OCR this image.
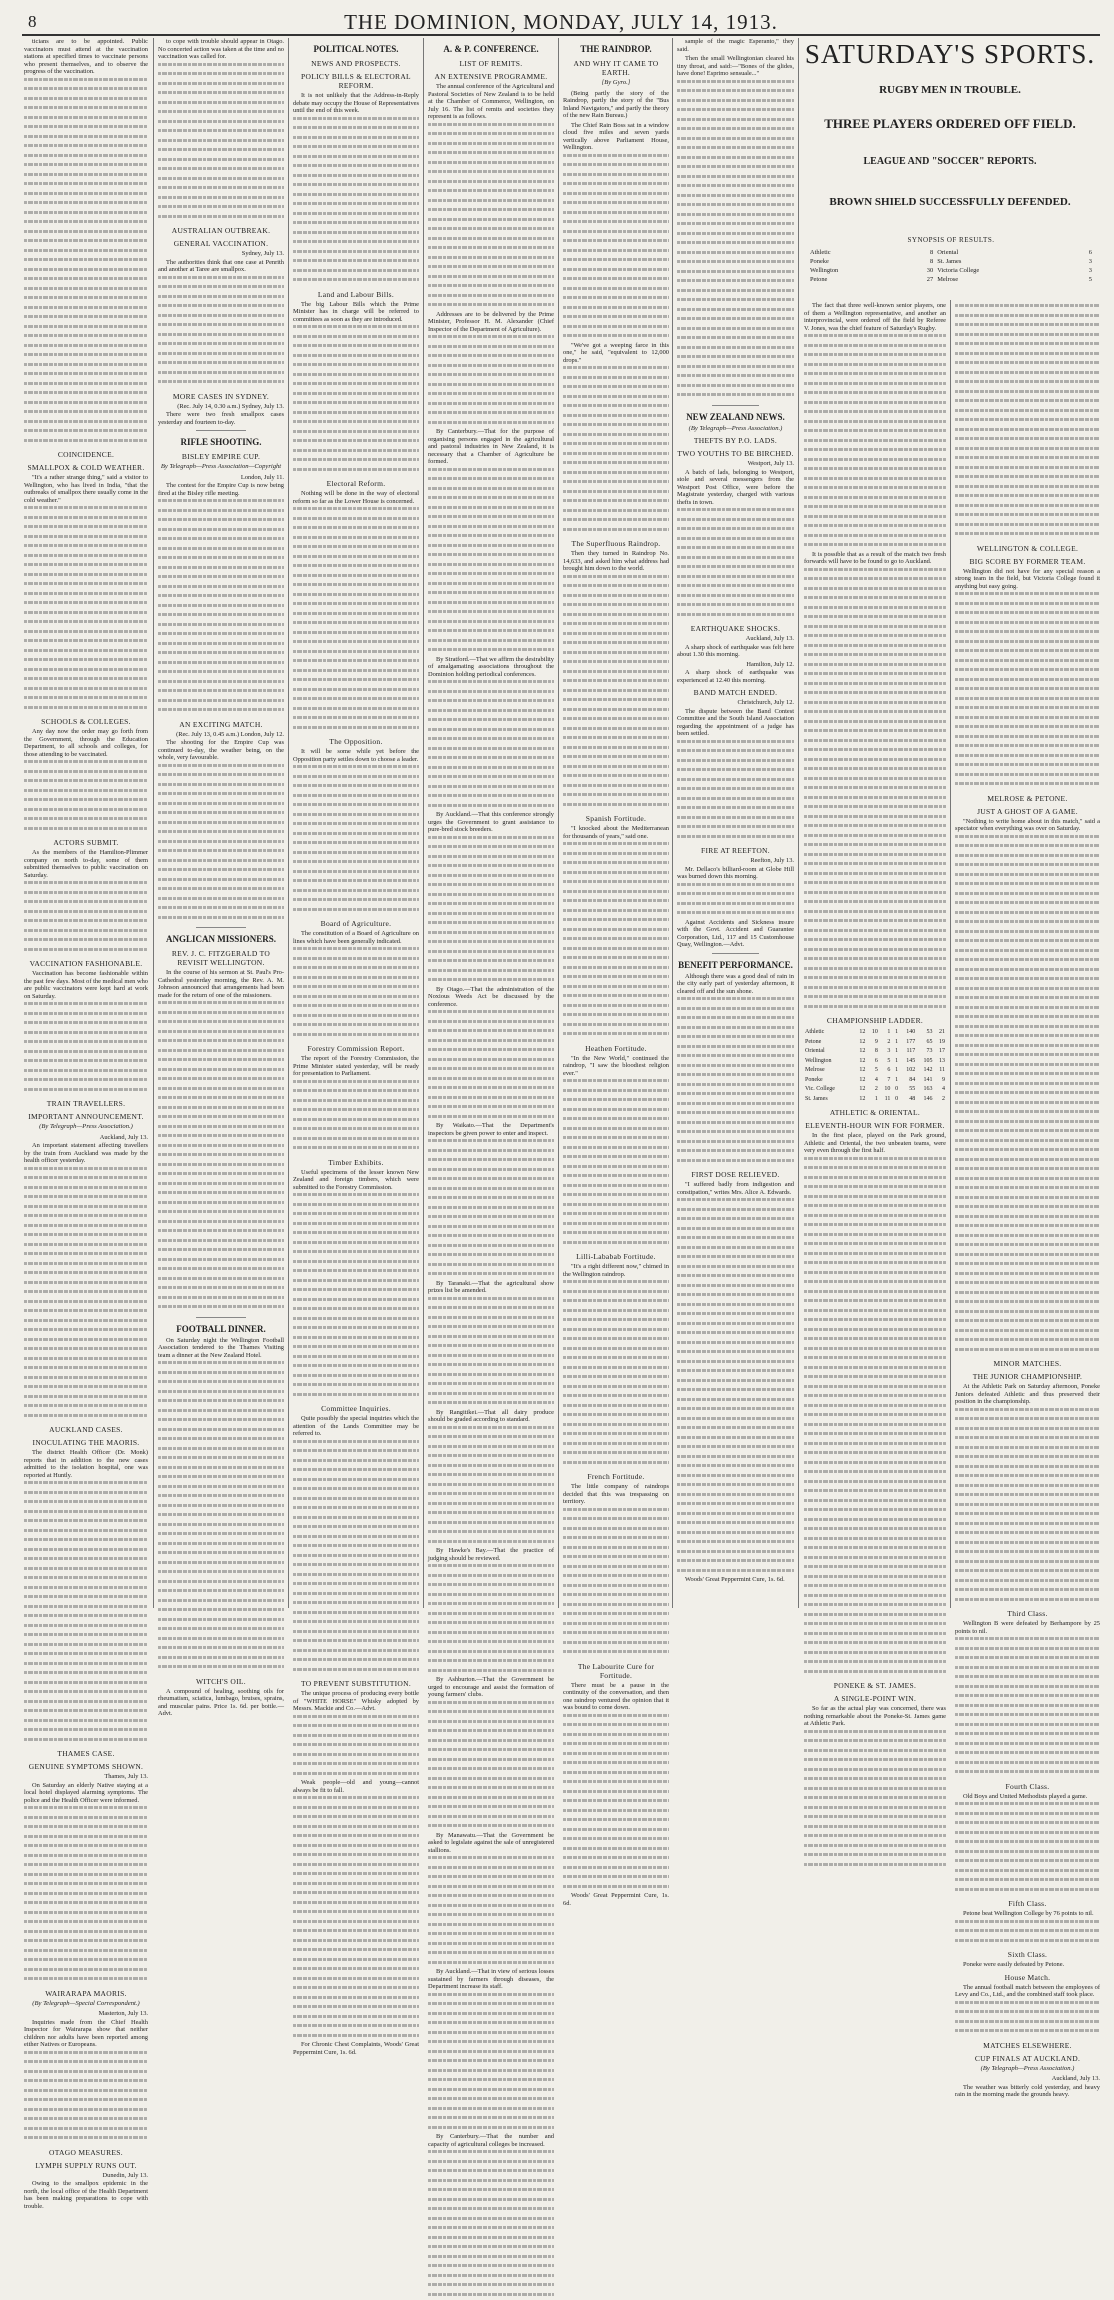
8	THE DOMINION, MONDAY, JULY 14, 1913.

ticians are to be appointed. Public vaccinators must attend at the vaccination stations at specified times to vaccinate persons who present themselves, and to observe the progress of the vaccination.

COINCIDENCE.
SMALLPOX & COLD WEATHER.

"It's a rather strange thing," said a visitor to Wellington, who has lived in India, "that the outbreaks of smallpox there usually come in the cold weather."

SCHOOLS & COLLEGES.

Any day now the order may go forth from the Government, through the Education Department, to all schools and colleges, for those attending to be vaccinated.

ACTORS SUBMIT.

As the members of the Hamilton-Plimmer company on north to-day, some of them submitted themselves to public vaccination on Saturday.

VACCINATION FASHIONABLE.

Vaccination has become fashionable within the past few days. Most of the medical men who are public vaccinators were kept hard at work on Saturday.

TRAIN TRAVELLERS.
IMPORTANT ANNOUNCEMENT.
(By Telegraph—Press Association.)
Auckland, July 13.

An important statement affecting travellers by the train from Auckland was made by the health officer yesterday.

AUCKLAND CASES.
INOCULATING THE MAORIS.

The district Health Officer (Dr. Monk) reports that in addition to the new cases admitted to the isolation hospital, one was reported at Huntly.

THAMES CASE.
GENUINE SYMPTOMS SHOWN.
Thames, July 13.

On Saturday an elderly Native staying at a local hotel displayed alarming symptoms. The police and the Health Officer were informed.

WAIRARAPA MAORIS.
(By Telegraph—Special Correspondent.)
Masterton, July 13.

Inquiries made from the Chief Health Inspector for Wairarapa show that neither children nor adults have been reported among either Natives or Europeans.

OTAGO MEASURES.
LYMPH SUPPLY RUNS OUT.
Dunedin, July 13.

Owing to the smallpox epidemic in the north, the local office of the Health Department has been making preparations to cope with trouble.

to cope with trouble should appear in Otago. No concerted action was taken at the time and no vaccination was called for.

AUSTRALIAN OUTBREAK.
GENERAL VACCINATION.
Sydney, July 13.

The authorities think that one case at Penrith and another at Taree are smallpox.

MORE CASES IN SYDNEY.
(Rec. July 14, 0.30 a.m.) Sydney, July 13.

There were two fresh smallpox cases yesterday and fourteen to-day.

RIFLE SHOOTING.
BISLEY EMPIRE CUP.
By Telegraph—Press Association—Copyright
London, July 11.

The contest for the Empire Cup is now being fired at the Bisley rifle meeting.

AN EXCITING MATCH.
(Rec. July 13, 0.45 a.m.) London, July 12.

The shooting for the Empire Cup was continued to-day, the weather being, on the whole, very favourable.

ANGLICAN MISSIONERS.
REV. J. C. FITZGERALD TO REVISIT WELLINGTON.

In the course of his sermon at St. Paul's Pro-Cathedral yesterday morning, the Rev. A. M. Johnson announced that arrangements had been made for the return of one of the missioners.

FOOTBALL DINNER.

On Saturday night the Wellington Football Association tendered to the Thames Visiting team a dinner at the New Zealand Hotel.

WITCH'S OIL.

A compound of healing, soothing oils for rheumatism, sciatica, lumbago, bruises, sprains, and muscular pains. Price 1s. 6d. per bottle.—Advt.

POLITICAL NOTES.
NEWS AND PROSPECTS.
POLICY BILLS & ELECTORAL REFORM.

It is not unlikely that the Address-in-Reply debate may occupy the House of Representatives until the end of this week.

Land and Labour Bills.

The big Labour Bills which the Prime Minister has in charge will be referred to committees as soon as they are introduced.

Electoral Reform.

Nothing will be done in the way of electoral reform so far as the Lower House is concerned.

The Opposition.

It will be some while yet before the Opposition party settles down to choose a leader.

Board of Agriculture.

The constitution of a Board of Agriculture on lines which have been generally indicated.

Forestry Commission Report.

The report of the Forestry Commission, the Prime Minister stated yesterday, will be ready for presentation to Parliament.

Timber Exhibits.

Useful specimens of the lesser known New Zealand and foreign timbers, which were submitted to the Forestry Commission.

Committee Inquiries.

Quite possibly the special inquiries which the attention of the Lands Committee may be referred to.

TO PREVENT SUBSTITUTION.

The unique process of producing every bottle of "WHITE HORSE" Whisky adopted by Messrs. Mackie and Co.—Advt.

Weak people—old and young—cannot always be fit to fall.

For Chronic Chest Complaints, Woods' Great Peppermint Cure, 1s. 6d.

A. & P. CONFERENCE.
LIST OF REMITS.
AN EXTENSIVE PROGRAMME.

The annual conference of the Agricultural and Pastoral Societies of New Zealand is to be held at the Chamber of Commerce, Wellington, on July 16. The list of remits and societies they represent is as follows.

Addresses are to be delivered by the Prime Minister, Professor H. M. Alexander (Chief Inspector of the Department of Agriculture).

By Canterbury.—That for the purpose of organising persons engaged in the agricultural and pastoral industries in New Zealand, it is necessary that a Chamber of Agriculture be formed.

By Stratford.—That we affirm the desirability of amalgamating associations throughout the Dominion holding periodical conferences.

By Auckland.—That this conference strongly urges the Government to grant assistance to pure-bred stock breeders.

By Otago.—That the administration of the Noxious Weeds Act be discussed by the conference.

By Waikato.—That the Department's inspectors be given power to enter and inspect.

By Taranaki.—That the agricultural show prizes list be amended.

By Rangitikei.—That all dairy produce should be graded according to standard.

By Hawke's Bay.—That the practice of judging should be reviewed.

By Ashburton.—That the Government be urged to encourage and assist the formation of young farmers' clubs.

By Manawatu.—That the Government be asked to legislate against the sale of unregistered stallions.

By Auckland.—That in view of serious losses sustained by farmers through diseases, the Department increase its staff.

By Canterbury.—That the number and capacity of agricultural colleges be increased.

THE RAINDROP.
AND WHY IT CAME TO EARTH.
[By Gyro.]

(Being partly the story of the Raindrop, partly the story of the "Bus Inland Navigators," and partly the theory of the new Rain Bureau.)

The Chief Rain Boss sat in a window cloud five miles and seven yards vertically above Parliament House, Wellington.

"We've got a weeping farce in this one," he said, "equivalent to 12,000 drops."

The Superfluous Raindrop.

Then they turned in Raindrop No. 14,633, and asked him what address had brought him down to the world.

Spanish Fortitude.

"I knocked about the Mediterranean for thousands of years," said one.

Heathen Fortitude.

"In the New World," continued the raindrop, "I saw the bloodiest religion ever."

Lilli-Lababab Fortitude.

"It's a right different now," chimed in the Wellington raindrop.

French Fortitude.

The little company of raindrops decided that this was trespassing on territory.

The Labourite Cure for Fortitude.

There must be a pause in the continuity of the conversation, and then one raindrop ventured the opinion that it was bound to come down.

Woods' Great Peppermint Cure, 1s. 6d.

sample of the magic Esperanto," they said.

Then the small Wellingtonian cleared his tiny throat, and said:—"Bones of the glides, have done! Esprimo sensuale..."

NEW ZEALAND NEWS.
(By Telegraph—Press Association.)
THEFTS BY P.O. LADS.
TWO YOUTHS TO BE BIRCHED.
Westport, July 13.

A batch of lads, belonging to Westport, stole and several messengers from the Westport Post Office, were before the Magistrate yesterday, charged with various thefts in town.

EARTHQUAKE SHOCKS.
Auckland, July 13.

A sharp shock of earthquake was felt here about 1.30 this morning.

Hamilton, July 12.

A sharp shock of earthquake was experienced at 12.40 this morning.

BAND MATCH ENDED.
Christchurch, July 12.

The dispute between the Band Contest Committee and the South Island Association regarding the appointment of a judge has been settled.

FIRE AT REEFTON.
Reefton, July 13.

Mr. Dellaco's billiard-room at Globe Hill was burned down this morning.

Against Accidents and Sickness insure with the Govt. Accident and Guarantee Corporation, Ltd., 117 and 15 Customhouse Quay, Wellington.—Advt.

BENEFIT PERFORMANCE.

Although there was a good deal of rain in the city early part of yesterday afternoon, it cleared off and the sun shone.

FIRST DOSE RELIEVED.

"I suffered badly from indigestion and constipation," writes Mrs. Alice A. Edwards.

Woods' Great Peppermint Cure, 1s. 6d.

SATURDAY'S SPORTS.
RUGBY MEN IN TROUBLE.
THREE PLAYERS ORDERED OFF FIELD.
LEAGUE AND "SOCCER" REPORTS.
BROWN SHIELD SUCCESSFULLY DEFENDED.
SYNOPSIS OF RESULTS.
Athletic	8	Oriental	6
Poneke	8	St. James	3
Wellington	30	Victoria College	3
Petone	27	Melrose	5

The fact that three well-known senior players, one of them a Wellington representative, and another an interprovincial, were ordered off the field by Referee V. Jones, was the chief feature of Saturday's Rugby.

It is possible that as a result of the match two fresh forwards will have to be found to go to Auckland.

CHAMPIONSHIP LADDER.
Athletic	12	10	1	1	140	53	21
Petone	12	9	2	1	177	65	19
Oriental	12	8	3	1	117	73	17
Wellington	12	6	5	1	145	105	13
Melrose	12	5	6	1	102	142	11
Poneke	12	4	7	1	84	141	9
Vic. College	12	2	10	0	55	163	4
St. James	12	1	11	0	48	146	2
ATHLETIC & ORIENTAL.
ELEVENTH-HOUR WIN FOR FORMER.

In the first place, played on the Park ground, Athletic and Oriental, the two unbeaten teams, were very even through the first half.

PONEKE & ST. JAMES.
A SINGLE-POINT WIN.

So far as the actual play was concerned, there was nothing remarkable about the Poneke-St. James game at Athletic Park.

WELLINGTON & COLLEGE.
BIG SCORE BY FORMER TEAM.

Wellington did not have for any special reason a strong team in the field, but Victoria College found it anything but easy going.

MELROSE & PETONE.
JUST A GHOST OF A GAME.

"Nothing to write home about in this match," said a spectator when everything was over on Saturday.

MINOR MATCHES.
THE JUNIOR CHAMPIONSHIP.

At the Athletic Park on Saturday afternoon, Poneke Juniors defeated Athletic and thus preserved their position in the championship.

Third Class.

Wellington B were defeated by Berhampore by 25 points to nil.

Fourth Class.

Old Boys and United Methodists played a game.

Fifth Class.

Petone beat Wellington College by 76 points to nil.

Sixth Class.

Poneke were easily defeated by Petone.

House Match.

The annual football match between the employees of Levy and Co., Ltd., and the combined staff took place.

MATCHES ELSEWHERE.
CUP FINALS AT AUCKLAND.
(By Telegraph—Press Association.)
Auckland, July 13.

The weather was bitterly cold yesterday, and heavy rain in the morning made the grounds heavy.
